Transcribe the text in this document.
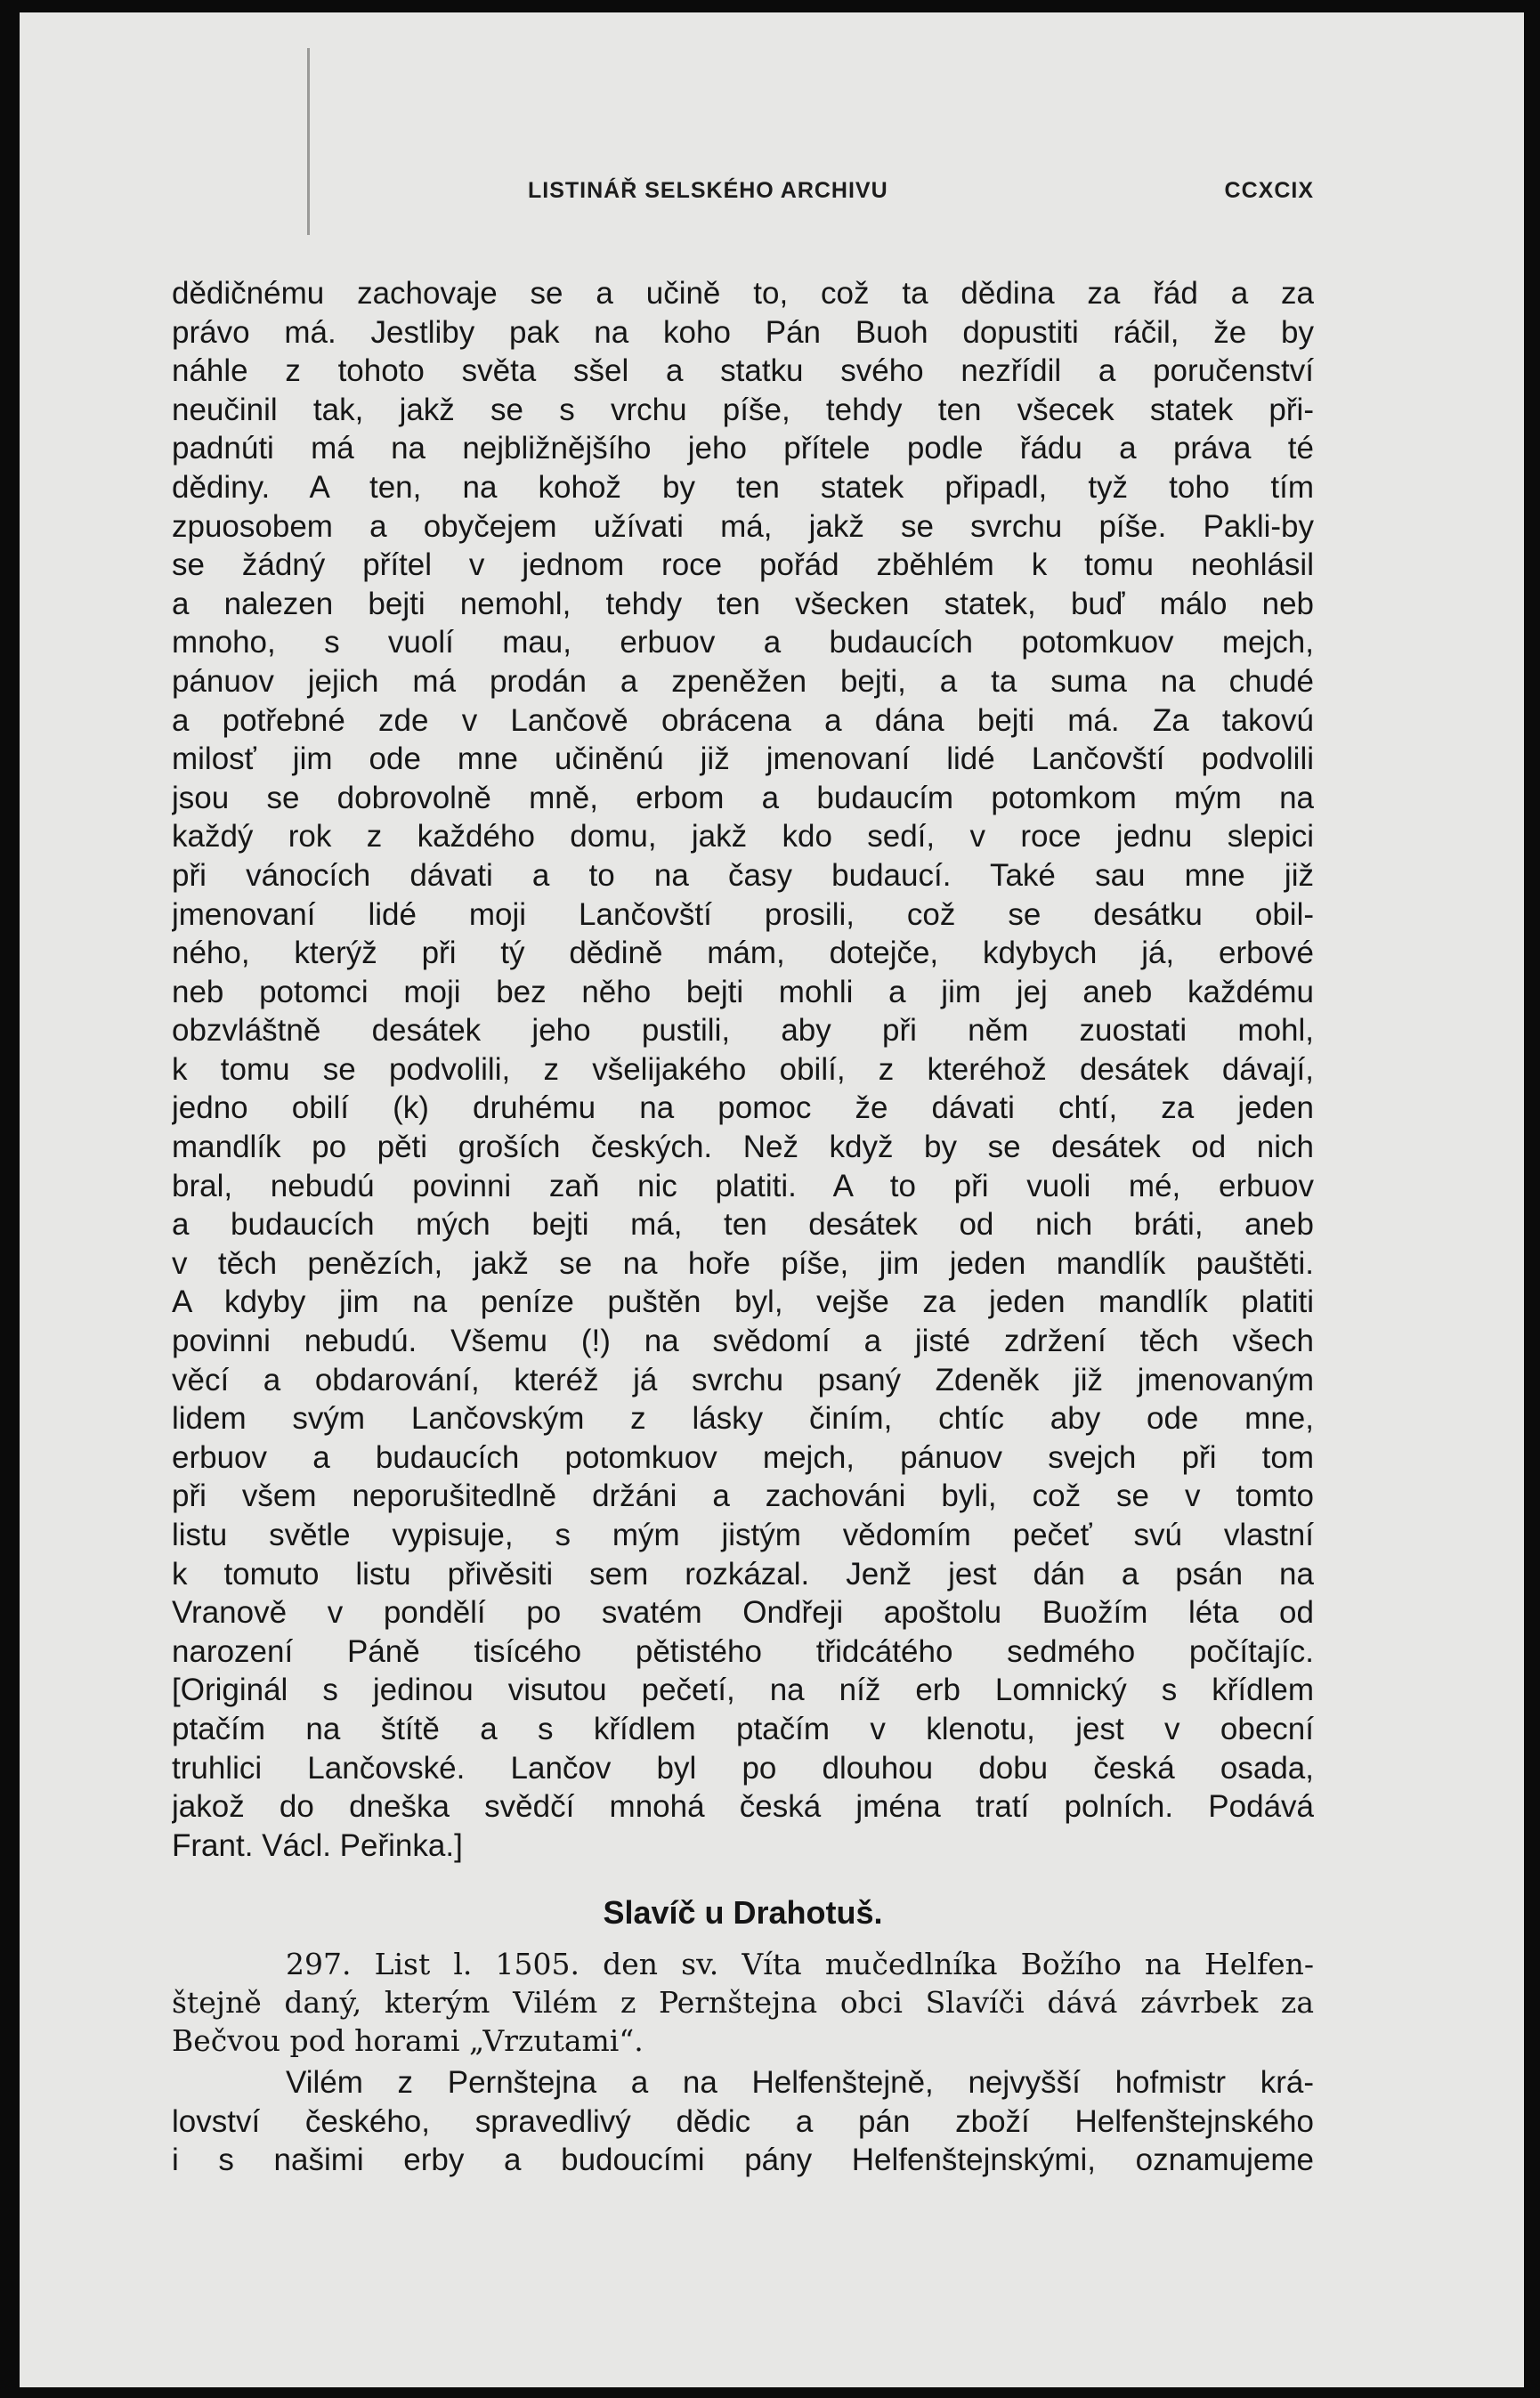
LISTINÁŘ SELSKÉHO ARCHIVU	CCXCIX
dědičnému zachovaje se a učině to, což ta dědina za řád a za
právo má. Jestliby pak na koho Pán Buoh dopustiti ráčil, že by
náhle z tohoto světa sšel a statku svého nezřídil a poručenství
neučinil tak, jakž se s vrchu píše, tehdy ten všecek statek při-
padnúti má na nejbližnějšího jeho přítele podle řádu a práva té
dědiny. A ten, na kohož by ten statek připadl, tyž toho tím
zpuosobem a obyčejem užívati má, jakž se svrchu píše. Pakli-by
se žádný přítel v jednom roce pořád zběhlém k tomu neohlásil
a nalezen bejti nemohl, tehdy ten všecken statek, buď málo neb
mnoho, s vuolí mau, erbuov a budaucích potomkuov mejch,
pánuov jejich má prodán a zpeněžen bejti, a ta suma na chudé
a potřebné zde v Lančově obrácena a dána bejti má. Za takovú
milosť jim ode mne učiněnú již jmenovaní lidé Lančovští podvolili
jsou se dobrovolně mně, erbom a budaucím potomkom mým na
každý rok z každého domu, jakž kdo sedí, v roce jednu slepici
při vánocích dávati a to na časy budaucí. Také sau mne již
jmenovaní lidé moji Lančovští prosili, což se desátku obil-
ného, kterýž při tý dědině mám, dotejče, kdybych já, erbové
neb potomci moji bez něho bejti mohli a jim jej aneb každému
obzvláštně desátek jeho pustili, aby při něm zuostati mohl,
k tomu se podvolili, z všelijakého obilí, z kteréhož desátek dávají,
jedno obilí (k) druhému na pomoc že dávati chtí, za jeden
mandlík po pěti groších českých. Než když by se desátek od nich
bral, nebudú povinni zaň nic platiti. A to při vuoli mé, erbuov
a budaucích mých bejti má, ten desátek od nich bráti, aneb
v těch penězích, jakž se na hoře píše, jim jeden mandlík pauštěti.
A kdyby jim na peníze puštěn byl, vejše za jeden mandlík platiti
povinni nebudú. Všemu (!) na svědomí a jisté zdržení těch všech
věcí a obdarování, kteréž já svrchu psaný Zdeněk již jmenovaným
lidem svým Lančovským z lásky činím, chtíc aby ode mne,
erbuov a budaucích potomkuov mejch, pánuov svejch při tom
při všem neporušitedlně držáni a zachováni byli, což se v tomto
listu světle vypisuje, s mým jistým vědomím pečeť svú vlastní
k tomuto listu přivěsiti sem rozkázal. Jenž jest dán a psán na
Vranově v pondělí po svatém Ondřeji apoštolu Buožím léta od
narození Páně tisícého pětistého třidcátého sedmého počítajíc.
[Originál s jedinou visutou pečetí, na níž erb Lomnický s křídlem
ptačím na štítě a s křídlem ptačím v klenotu, jest v obecní
truhlici Lančovské. Lančov byl po dlouhou dobu česká osada,
jakož do dneška svědčí mnohá česká jména tratí polních. Podává
Frant. Václ. Peřinka.]
Slavíč u Drahotuš.
297. List l. 1505. den sv. Víta mučedlníka Božího na Helfen-
štejně daný, kterým Vilém z Pernštejna obci Slavíči dává závrbek za
Bečvou pod horami „Vrzutami“.
Vilém z Pernštejna a na Helfenštejně, nejvyšší hofmistr krá-
lovství českého, spravedlivý dědic a pán zboží Helfenštejnského
i s našimi erby a budoucími pány Helfenštejnskými, oznamujeme
